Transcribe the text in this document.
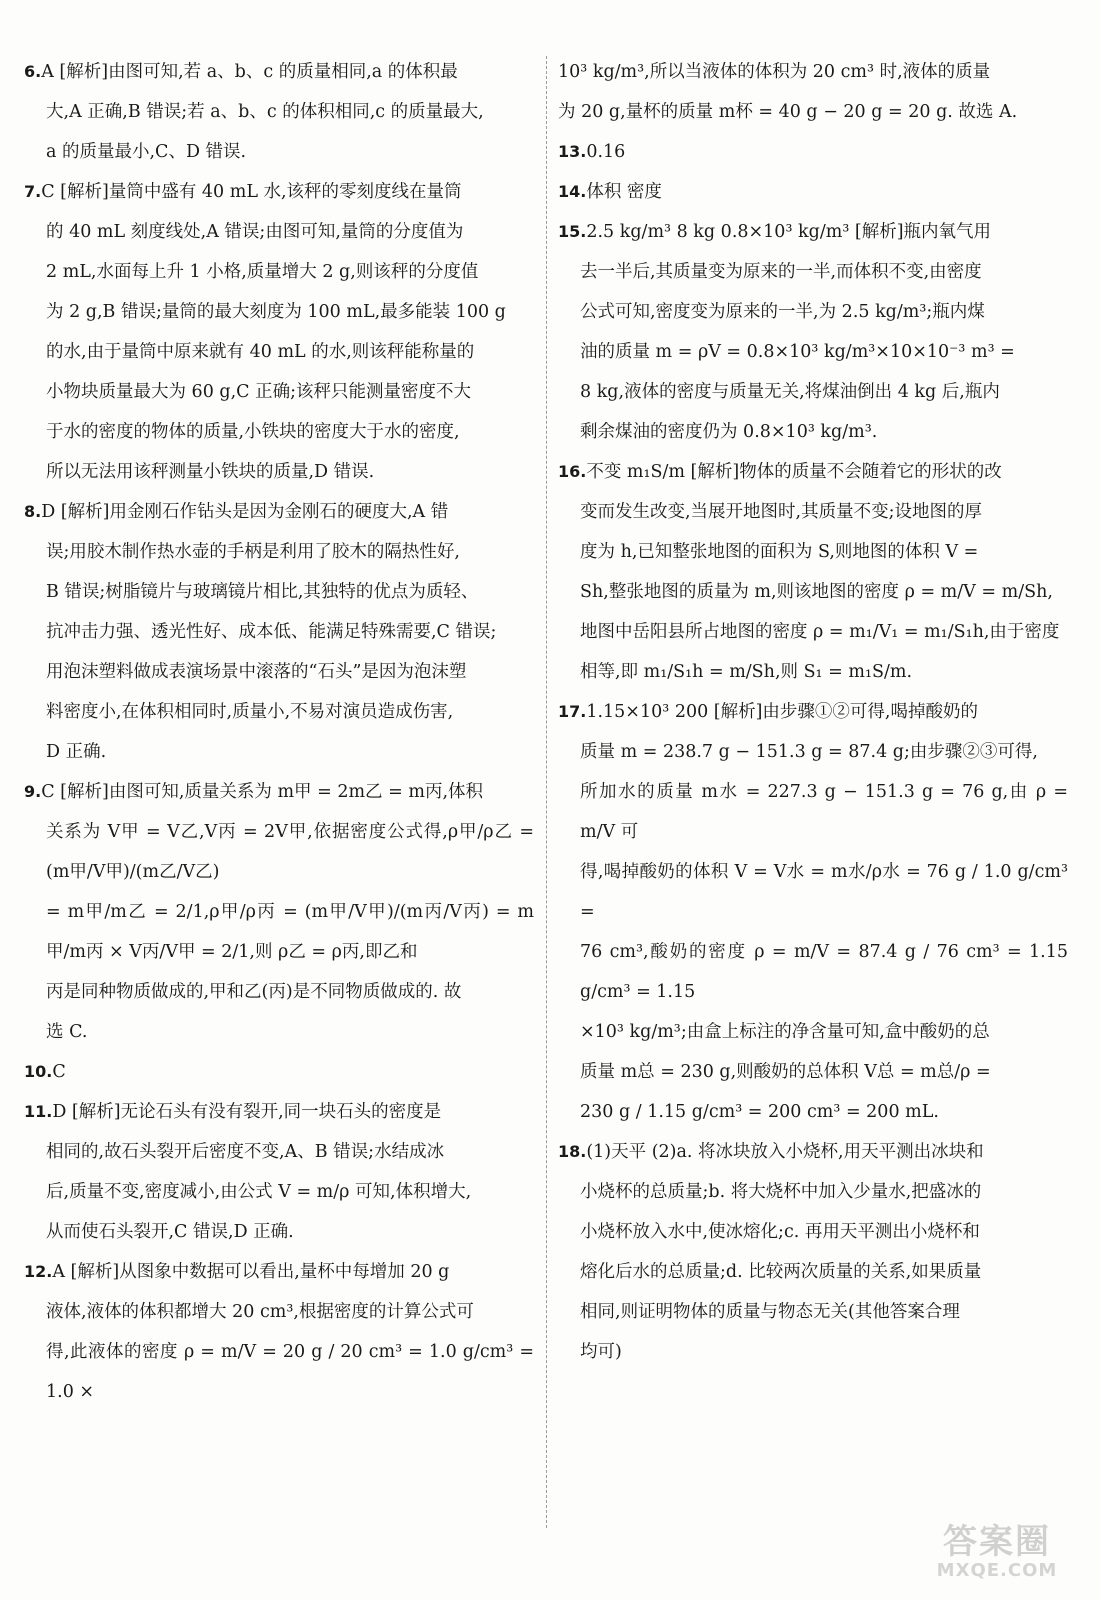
6.A [解析]由图可知,若 a、b、c 的质量相同,a 的体积最
大,A 正确,B 错误;若 a、b、c 的体积相同,c 的质量最大,
a 的质量最小,C、D 错误.
7.C [解析]量筒中盛有 40 mL 水,该秤的零刻度线在量筒
的 40 mL 刻度线处,A 错误;由图可知,量筒的分度值为
2 mL,水面每上升 1 小格,质量增大 2 g,则该秤的分度值
为 2 g,B 错误;量筒的最大刻度为 100 mL,最多能装 100 g
的水,由于量筒中原来就有 40 mL 的水,则该秤能称量的
小物块质量最大为 60 g,C 正确;该秤只能测量密度不大
于水的密度的物体的质量,小铁块的密度大于水的密度,
所以无法用该秤测量小铁块的质量,D 错误.
8.D [解析]用金刚石作钻头是因为金刚石的硬度大,A 错
误;用胶木制作热水壶的手柄是利用了胶木的隔热性好,
B 错误;树脂镜片与玻璃镜片相比,其独特的优点为质轻、
抗冲击力强、透光性好、成本低、能满足特殊需要,C 错误;
用泡沫塑料做成表演场景中滚落的“石头”是因为泡沫塑
料密度小,在体积相同时,质量小,不易对演员造成伤害,
D 正确.
9.C [解析]由图可知,质量关系为 m甲 = 2m乙 = m丙,体积
关系为 V甲 = V乙,V丙 = 2V甲,依据密度公式得,ρ甲/ρ乙 = (m甲/V甲)/(m乙/V乙)
= m甲/m乙 = 2/1,ρ甲/ρ丙 = (m甲/V甲)/(m丙/V丙) = m甲/m丙 × V丙/V甲 = 2/1,则 ρ乙 = ρ丙,即乙和
丙是同种物质做成的,甲和乙(丙)是不同物质做成的. 故
选 C.
10.C
11.D [解析]无论石头有没有裂开,同一块石头的密度是
相同的,故石头裂开后密度不变,A、B 错误;水结成冰
后,质量不变,密度减小,由公式 V = m/ρ 可知,体积增大,
从而使石头裂开,C 错误,D 正确.
12.A [解析]从图象中数据可以看出,量杯中每增加 20 g
液体,液体的体积都增大 20 cm³,根据密度的计算公式可
得,此液体的密度 ρ = m/V = 20 g / 20 cm³ = 1.0 g/cm³ = 1.0 ×
10³ kg/m³,所以当液体的体积为 20 cm³ 时,液体的质量
为 20 g,量杯的质量 m杯 = 40 g − 20 g = 20 g. 故选 A.
13.0.16
14.体积 密度
15.2.5 kg/m³ 8 kg 0.8×10³ kg/m³ [解析]瓶内氧气用
去一半后,其质量变为原来的一半,而体积不变,由密度
公式可知,密度变为原来的一半,为 2.5 kg/m³;瓶内煤
油的质量 m = ρV = 0.8×10³ kg/m³×10×10⁻³ m³ =
8 kg,液体的密度与质量无关,将煤油倒出 4 kg 后,瓶内
剩余煤油的密度仍为 0.8×10³ kg/m³.
16.不变 m₁S/m [解析]物体的质量不会随着它的形状的改
变而发生改变,当展开地图时,其质量不变;设地图的厚
度为 h,已知整张地图的面积为 S,则地图的体积 V =
Sh,整张地图的质量为 m,则该地图的密度 ρ = m/V = m/Sh,
地图中岳阳县所占地图的密度 ρ = m₁/V₁ = m₁/S₁h,由于密度
相等,即 m₁/S₁h = m/Sh,则 S₁ = m₁S/m.
17.1.15×10³ 200 [解析]由步骤①②可得,喝掉酸奶的
质量 m = 238.7 g − 151.3 g = 87.4 g;由步骤②③可得,
所加水的质量 m水 = 227.3 g − 151.3 g = 76 g,由 ρ = m/V 可
得,喝掉酸奶的体积 V = V水 = m水/ρ水 = 76 g / 1.0 g/cm³ =
76 cm³,酸奶的密度 ρ = m/V = 87.4 g / 76 cm³ = 1.15 g/cm³ = 1.15
×10³ kg/m³;由盒上标注的净含量可知,盒中酸奶的总
质量 m总 = 230 g,则酸奶的总体积 V总 = m总/ρ =
230 g / 1.15 g/cm³ = 200 cm³ = 200 mL.
18.(1)天平 (2)a. 将冰块放入小烧杯,用天平测出冰块和
小烧杯的总质量;b. 将大烧杯中加入少量水,把盛冰的
小烧杯放入水中,使冰熔化;c. 再用天平测出小烧杯和
熔化后水的总质量;d. 比较两次质量的关系,如果质量
相同,则证明物体的质量与物态无关(其他答案合理
均可)
答案圈
MXQE.COM
